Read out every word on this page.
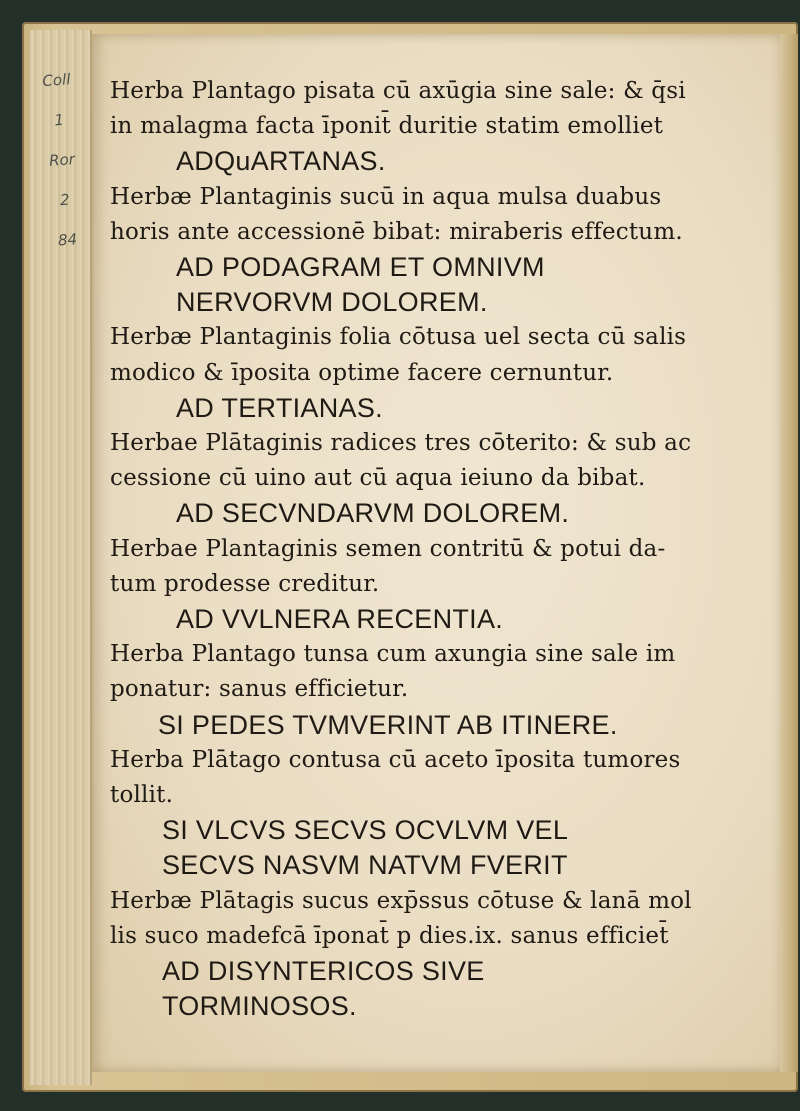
Coll
1
Ror
2
84
Herba Plantago pisata cū axūgia sine sale: & q̄si
in malagma facta īponit̄ duritie statim emolliet
ADQuARTANAS.
Herbæ Plantaginis sucū in aqua mulsa duabus
horis ante accessionē bibat: miraberis effectum.
AD PODAGRAM ET OMNIVM
NERVORVM DOLOREM.
Herbæ Plantaginis folia cōtusa uel secta cū salis
modico & īposita optime facere cernuntur.
AD TERTIANAS.
Herbae Plātaginis radices tres cōterito: & sub ac
cessione cū uino aut cū aqua ieiuno da bibat.
AD SECVNDARVM DOLOREM.
Herbae Plantaginis semen contritū & potui da-
tum prodesse creditur.
AD VVLNERA RECENTIA.
Herba Plantago tunsa cum axungia sine sale im
ponatur: sanus efficietur.
SI PEDES TVMVERINT AB ITINERE.
Herba Plātago contusa cū aceto īposita tumores
tollit.
SI VLCVS SECVS OCVLVM VEL
SECVS NASVM NATVM FVERIT
Herbæ Plātagis sucus exp̄ssus cōtuse & lanā mol
lis suco madefcā īponat̄ p dies.ix. sanus efficiet̄
AD DISYNTERICOS SIVE
TORMINOSOS.
